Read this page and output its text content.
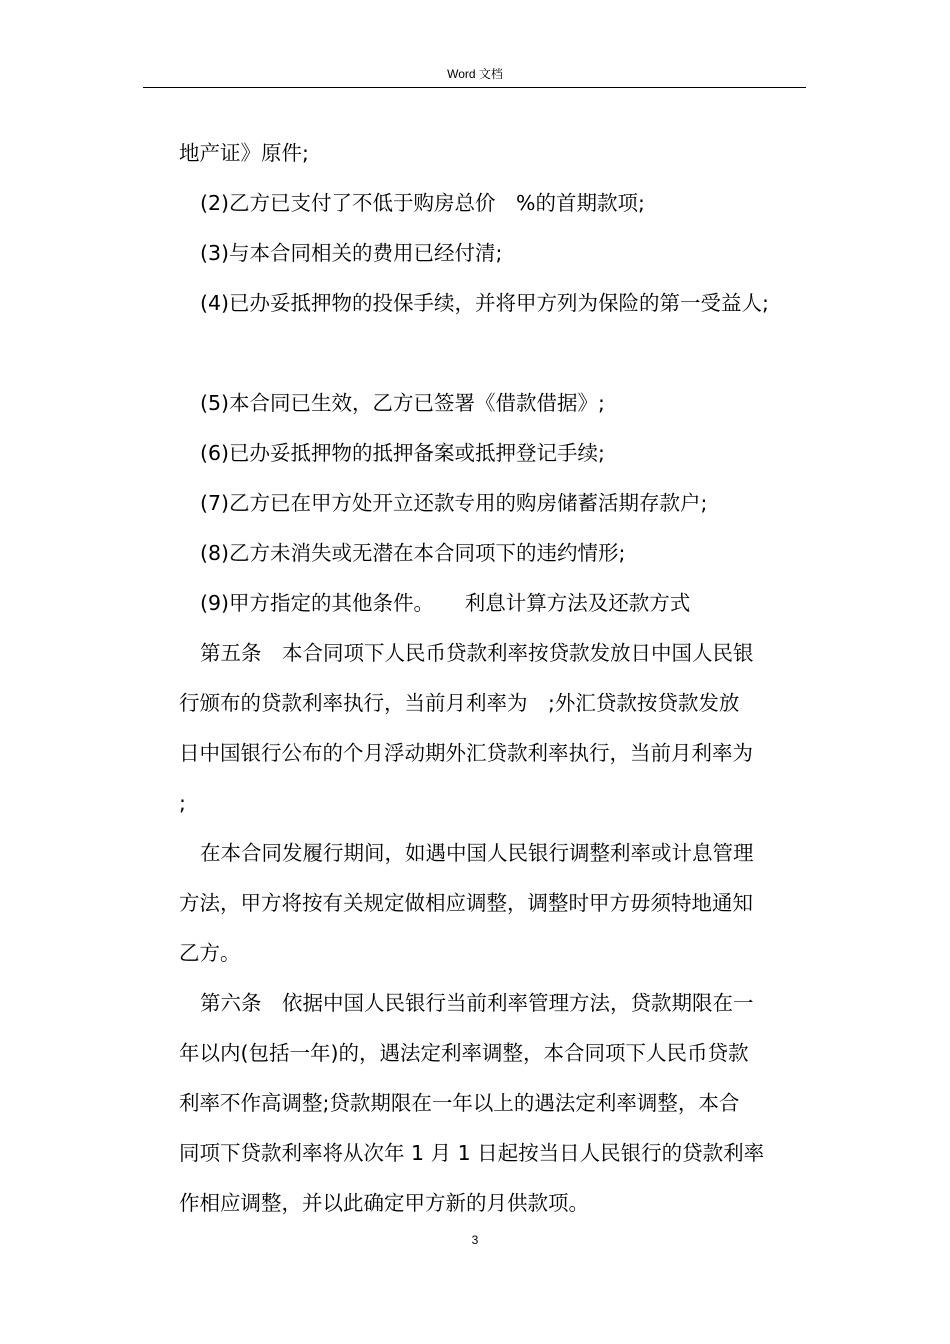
Word 文档
地产证》原件;
(2)乙方已支付了不低于购房总价　%的首期款项;
(3)与本合同相关的费用已经付清;
(4)已办妥抵押物的投保手续，并将甲方列为保险的第一受益人;
(5)本合同已生效，乙方已签署《借款借据》;
(6)已办妥抵押物的抵押备案或抵押登记手续;
(7)乙方已在甲方处开立还款专用的购房储蓄活期存款户;
(8)乙方未消失或无潜在本合同项下的违约情形;
(9)甲方指定的其他条件。　　利息计算方法及还款方式
第五条　本合同项下人民币贷款利率按贷款发放日中国人民银
行颁布的贷款利率执行，当前月利率为　;外汇贷款按贷款发放
日中国银行公布的个月浮动期外汇贷款利率执行，当前月利率为
;
在本合同发履行期间，如遇中国人民银行调整利率或计息管理
方法，甲方将按有关规定做相应调整，调整时甲方毋须特地通知
乙方。
第六条　依据中国人民银行当前利率管理方法，贷款期限在一
年以内(包括一年)的，遇法定利率调整，本合同项下人民币贷款
利率不作高调整;贷款期限在一年以上的遇法定利率调整，本合
同项下贷款利率将从次年 1 月 1 日起按当日人民银行的贷款利率
作相应调整，并以此确定甲方新的月供款项。
3
